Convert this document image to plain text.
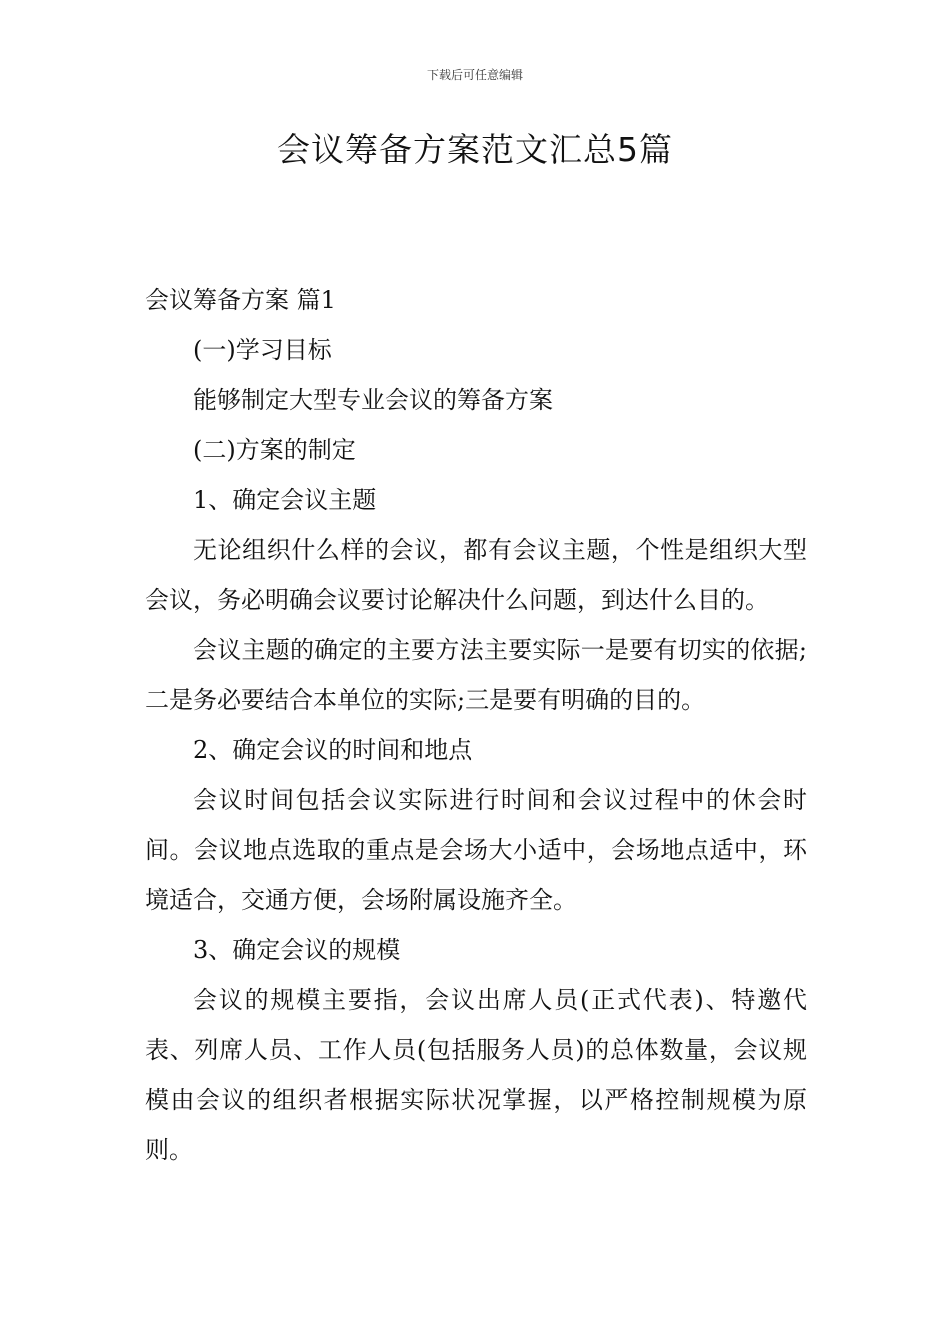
下载后可任意编辑
会议筹备方案范文汇总5篇

会议筹备方案 篇1

(一)学习目标

能够制定大型专业会议的筹备方案

(二)方案的制定

1、确定会议主题

无论组织什么样的会议，都有会议主题，个性是组织大型会议，务必明确会议要讨论解决什么问题，到达什么目的。

会议主题的确定的主要方法主要实际一是要有切实的依据;二是务必要结合本单位的实际;三是要有明确的目的。

2、确定会议的时间和地点

会议时间包括会议实际进行时间和会议过程中的休会时间。会议地点选取的重点是会场大小适中，会场地点适中，环境适合，交通方便，会场附属设施齐全。

3、确定会议的规模

会议的规模主要指，会议出席人员(正式代表)、特邀代表、列席人员、工作人员(包括服务人员)的总体数量，会议规模由会议的组织者根据实际状况掌握，以严格控制规模为原则。
